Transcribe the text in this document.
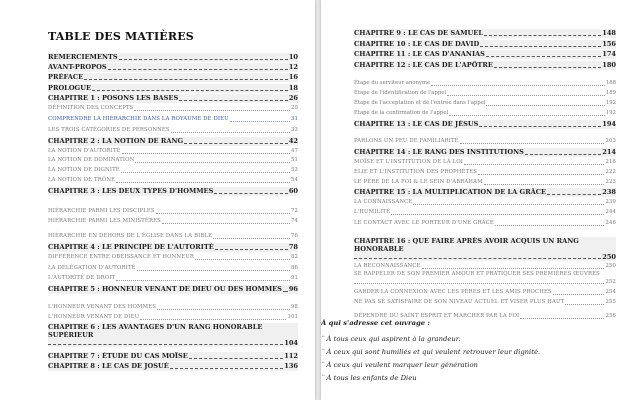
TABLE DES MATIÈRES
REMERCIEMENTS	10
AVANT-PROPOS	12
PRÉFACE	16
PROLOGUE	18
CHAPITRE 1 : POSONS LES BASES	26
DÉFINITION DES CONCEPTS	29
COMPRENDRE LA HIÉRARCHIE DANS LA ROYAUME DE DIEU	31
LES TROIS CATÉGORIES DE PERSONNES	33
CHAPITRE 2 : LA NOTION DE RANG	42
LA NOTION D'AUTORITÉ	47
LA NOTION DE DOMINATION	51
LA NOTION DE DIGNITÉ	53
LA NOTION DE TRÔNE	54
CHAPITRE 3 : LES DEUX TYPES D'HOMMES	60
HIÉRARCHIE PARMI LES DISCIPLES	72
HIÉRARCHIE PARMI LES MINISTÈRES	74
HIÉRARCHIE EN DEHORS DE L'ÉGLISE DANS LA BIBLE	76
CHAPITRE 4 : LE PRINCIPE DE L'AUTORITÉ	78
DIFFÉRENCE ENTRE OBÉISSANCE ET HONNEUR	82
LA DÉLÉGATION D'AUTORITÉ	86
L'AUTORITÉ DE DROIT	91
CHAPITRE 5 : HONNEUR VENANT DE DIEU OU DES HOMMES 96
L'HONNEUR VENANT DES HOMMES	98
L'HONNEUR VENANT DE DIEU	101
CHAPITRE 6 : LES AVANTAGES D'UN RANG HONORABLE SUPÉRIEUR
104
CHAPITRE 7 : ÉTUDE DU CAS MOÏSE	112
CHAPITRE 8 : LE CAS DE JOSUÉ	136
CHAPITRE 9 : LE CAS DE SAMUEL	148
CHAPITRE 10 : LE CAS DE DAVID	156
CHAPITRE 11 : LE CAS D'ANANIAS	174
CHAPITRE 12 : LE CAS DE L'APÔTRE	180
Étape du serviteur anonyme	188
Étape de l'identification de l'appel	189
Étape de l'acceptation et de l'entrée dans l'appel	192
Étape de la confirmation de l'appel	192
CHAPITRE 13 : LE CAS DE JÉSUS	194
PARLONS UN PEU DE FAMILIARITÉ	203
CHAPITRE 14 : LE RANG DES INSTITUTIONS	214
MOÏSE ET L'INSTITUTION DE LA LOI	216
ÉLIE ET L'INSTITUTION DES PROPHÈTES	222
LE PÈRE DE LA FOI & LE SEIN D'ABRAHAM	223
CHAPITRE 15 : LA MULTIPLICATION DE LA GRÂCE	238
LA CONNAISSANCE	239
L'HUMILITÉ	244
LE CONTACT AVEC LE PORTEUR D'UNE GRÂCE	246
CHAPITRE 16 : QUE FAIRE APRÈS AVOIR ACQUIS UN RANG HONORABLE
250
LA RECONNAISSANCE	250
SE RAPPELER DE SON PREMIER AMOUR ET PRATIQUER SES PREMIÈRES ŒUVRES
252
GARDER LA CONNEXION AVEC LES PÈRES ET LES AMIS PROCHES	254
NE PAS SE SATISFAIRE DE SON NIVEAU ACTUEL ET VISER PLUS HAUT	255
DÉPENDRE DU SAINT ESPRIT ET MARCHER PAR LA FOI	256
À qui s'adresse cet ouvrage :
¨ À tous ceux qui aspirent à la grandeur.
¨ À ceux qui sont humiliés et qui veulent retrouver leur dignité.
¨ À ceux qui veulent marquer leur génération
¨ À tous les enfants de Dieu
